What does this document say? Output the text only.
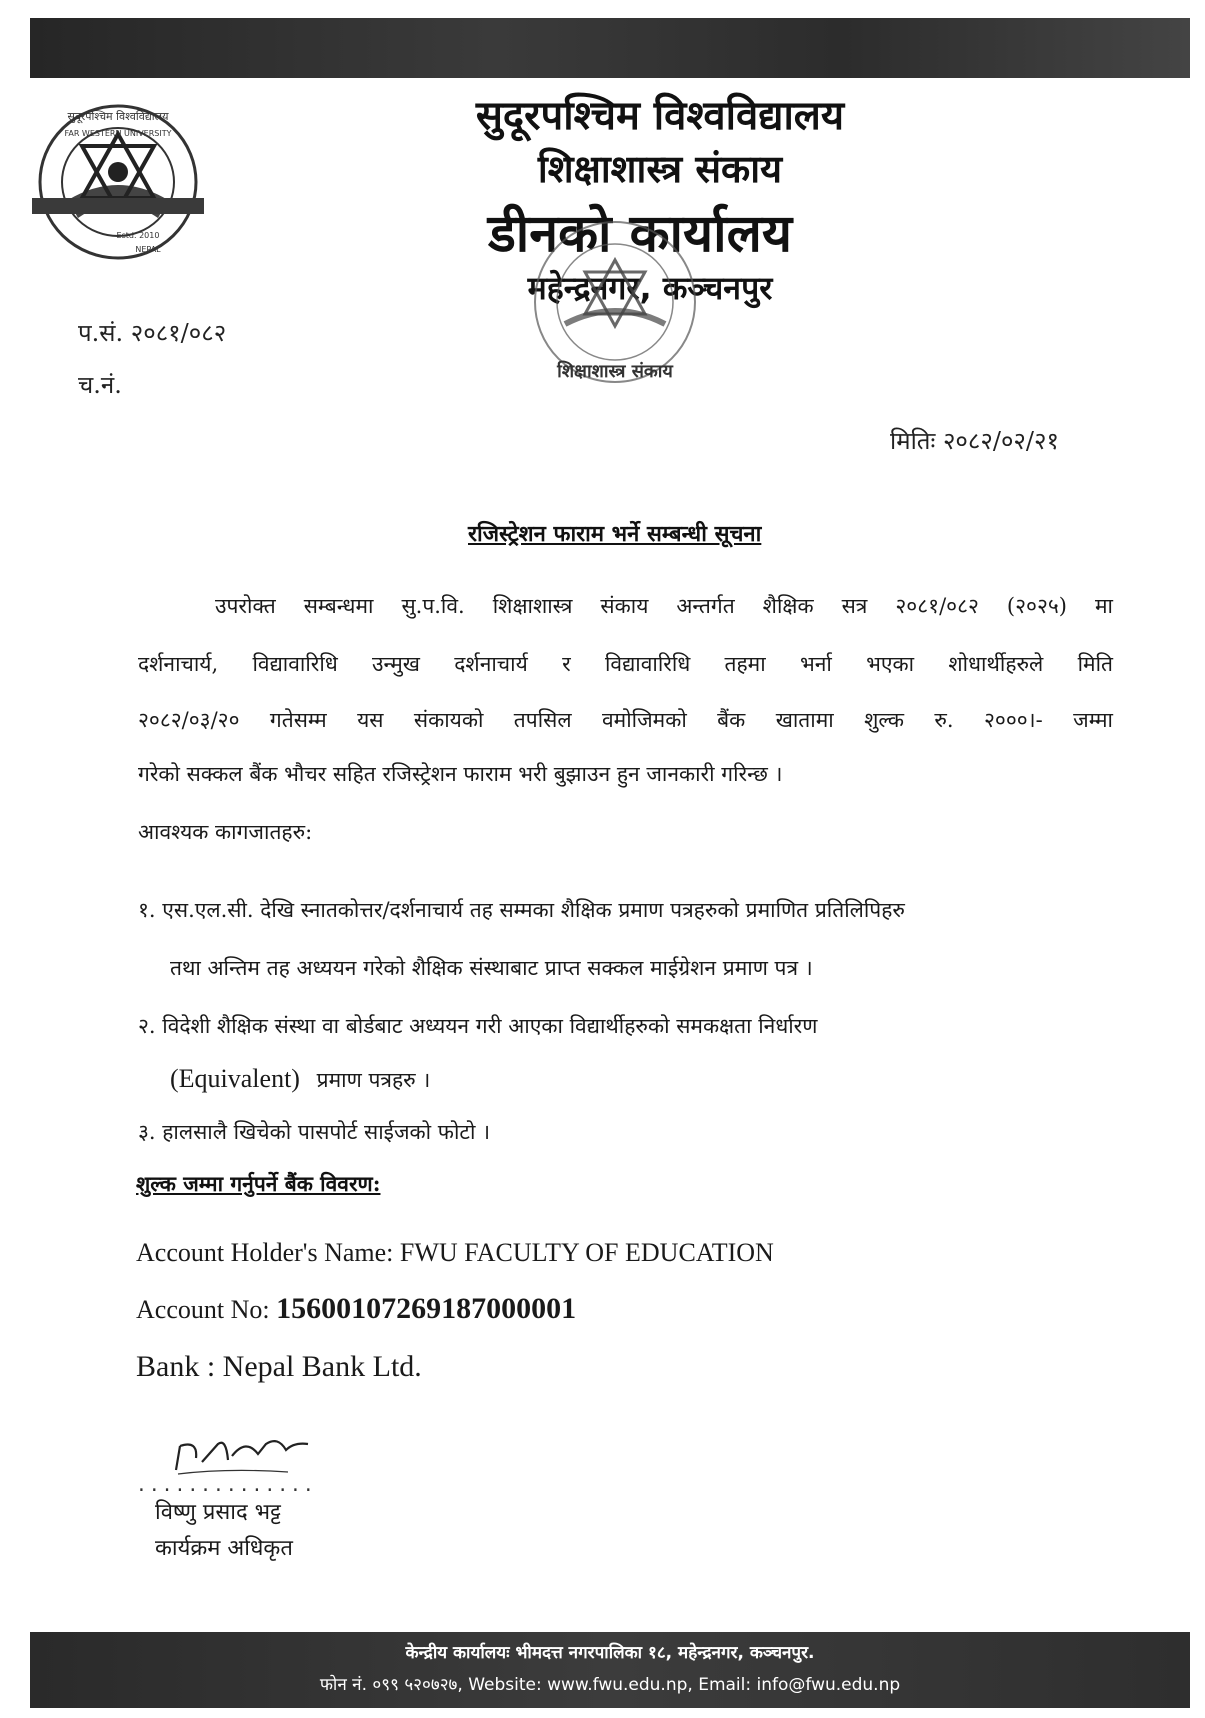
सुदूरपश्चिम विश्वविद्यालय
FAR WESTERN UNIVERSITY
Estd. 2010
NEPAL
सुदूरपश्चिम विश्वविद्यालय
शिक्षाशास्त्र संकाय
डीनको कार्यालय
महेन्द्रनगर, कञ्चनपुर
शिक्षाशास्त्र संकाय
प.सं. २०८१/०८२
च.नं.
मितिः २०८२/०२/२१
रजिस्ट्रेशन फाराम भर्ने सम्बन्धी सूचना
उपरोक्त सम्बन्धमा सु.प.वि. शिक्षाशास्त्र संकाय अन्तर्गत शैक्षिक सत्र २०८१/०८२ (२०२५) मा
दर्शनाचार्य, विद्यावारिधि उन्मुख दर्शनाचार्य र विद्यावारिधि तहमा भर्ना भएका शोधार्थीहरुले मिति
२०८२/०३/२० गतेसम्म यस संकायको तपसिल वमोजिमको बैंक खातामा शुल्क रु. २०००।- जम्मा
गरेको सक्कल बैंक भौचर सहित रजिस्ट्रेशन फाराम भरी बुझाउन हुन जानकारी गरिन्छ ।
आवश्यक कागजातहरु:
१. एस.एल.सी. देखि स्नातकोत्तर/दर्शनाचार्य तह सम्मका शैक्षिक प्रमाण पत्रहरुको प्रमाणित प्रतिलिपिहरु
तथा अन्तिम तह अध्ययन गरेको शैक्षिक संस्थाबाट प्राप्त सक्कल माईग्रेशन प्रमाण पत्र ।
२. विदेशी शैक्षिक संस्था वा बोर्डबाट अध्ययन गरी आएका विद्यार्थीहरुको समकक्षता निर्धारण
(Equivalent) प्रमाण पत्रहरु ।
३. हालसालै खिचेको पासपोर्ट साईजको फोटो ।
शुल्क जम्मा गर्नुपर्ने बैंक विवरण:
Account Holder's Name: FWU FACULTY OF EDUCATION
Account No: 15600107269187000001
Bank : Nepal Bank Ltd.
..............
विष्णु प्रसाद भट्ट
कार्यक्रम अधिकृत
केन्द्रीय कार्यालयः भीमदत्त नगरपालिका १८, महेन्द्रनगर, कञ्चनपुर.
फोन नं. ०९९ ५२०७२७, Website: www.fwu.edu.np, Email: info@fwu.edu.np
